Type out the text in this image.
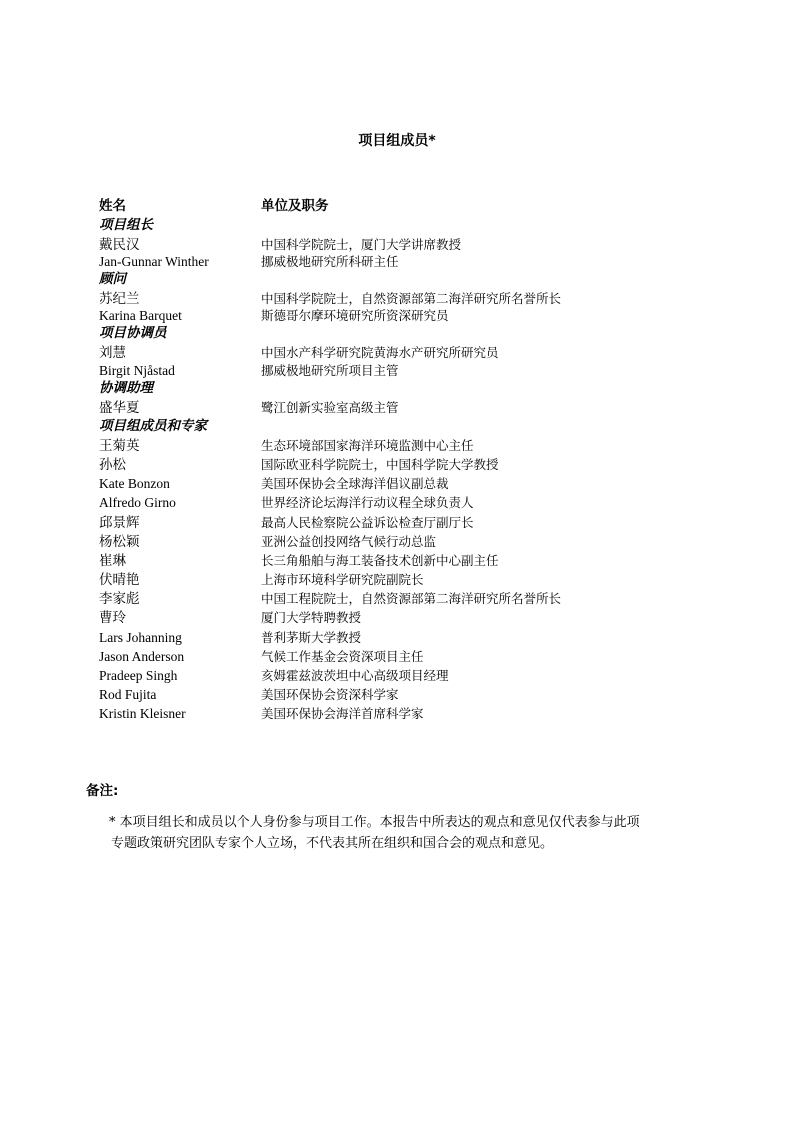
项目组成员*
姓名	单位及职务
项目组长
戴民汉	中国科学院院士，厦门大学讲席教授
Jan-Gunnar Winther	挪威极地研究所科研主任
顾问
苏纪兰	中国科学院院士，自然资源部第二海洋研究所名誉所长
Karina Barquet	斯德哥尔摩环境研究所资深研究员
项目协调员
刘慧	中国水产科学研究院黄海水产研究所研究员
Birgit Njåstad	挪威极地研究所项目主管
协调助理
盛华夏	鹭江创新实验室高级主管
项目组成员和专家
王菊英	生态环境部国家海洋环境监测中心主任
孙松	国际欧亚科学院院士，中国科学院大学教授
Kate Bonzon	美国环保协会全球海洋倡议副总裁
Alfredo Girno	世界经济论坛海洋行动议程全球负责人
邱景辉	最高人民检察院公益诉讼检查厅副厅长
杨松颖	亚洲公益创投网络气候行动总监
崔琳	长三角船舶与海工装备技术创新中心副主任
伏晴艳	上海市环境科学研究院副院长
李家彪	中国工程院院士，自然资源部第二海洋研究所名誉所长
曹玲	厦门大学特聘教授
Lars Johanning	普利茅斯大学教授
Jason Anderson	气候工作基金会资深项目主任
Pradeep Singh	亥姆霍兹波茨坦中心高级项目经理
Rod Fujita	美国环保协会资深科学家
Kristin Kleisner	美国环保协会海洋首席科学家
备注:
* 本项目组长和成员以个人身份参与项目工作。本报告中所表达的观点和意见仅代表参与此项
专题政策研究团队专家个人立场，不代表其所在组织和国合会的观点和意见。
